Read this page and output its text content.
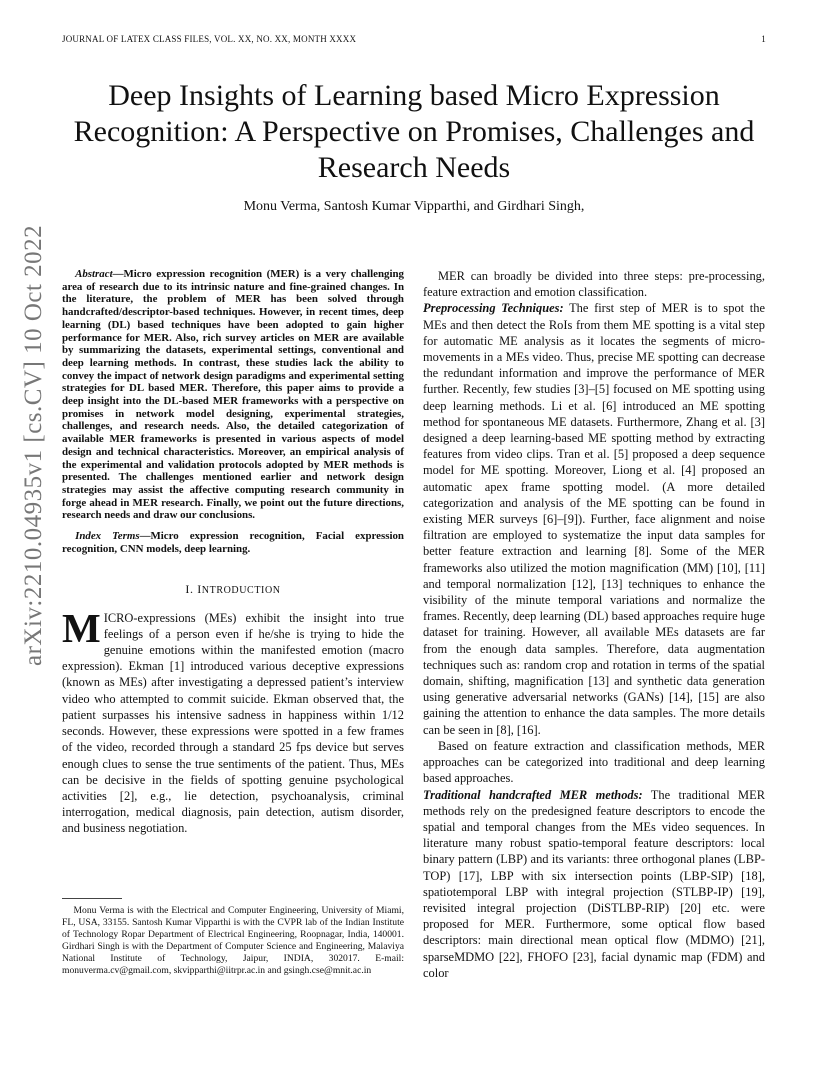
JOURNAL OF LATEX CLASS FILES, VOL. XX, NO. XX, MONTH XXXX	1
Deep Insights of Learning based Micro Expression Recognition: A Perspective on Promises, Challenges and Research Needs
Monu Verma, Santosh Kumar Vipparthi, and Girdhari Singh,
arXiv:2210.04935v1 [cs.CV] 10 Oct 2022	Abstract—Micro expression recognition (MER) is a very challenging area of research due to its intrinsic nature and fine-grained changes. In the literature, the problem of MER has been solved through handcrafted/descriptor-based techniques. However, in recent times, deep learning (DL) based techniques have been adopted to gain higher performance for MER. Also, rich survey articles on MER are available by summarizing the datasets, experimental settings, conventional and deep learning methods. In contrast, these studies lack the ability to convey the impact of network design paradigms and experimental setting strategies for DL based MER. Therefore, this paper aims to provide a deep insight into the DL-based MER frameworks with a perspective on promises in network model designing, experimental strategies, challenges, and research needs. Also, the detailed categorization of available MER frameworks is presented in various aspects of model design and technical characteristics. Moreover, an empirical analysis of the experimental and validation protocols adopted by MER methods is presented. The challenges mentioned earlier and network design strategies may assist the affective computing research community in forge ahead in MER research. Finally, we point out the future directions, research needs and draw our conclusions.

Index Terms—Micro expression recognition, Facial expression recognition, CNN models, deep learning.

I. INTRODUCTION

MICRO-expressions (MEs) exhibit the insight into true feelings of a person even if he/she is trying to hide the genuine emotions within the manifested emotion (macro expression). Ekman [1] introduced various deceptive expressions (known as MEs) after investigating a depressed patient’s interview video who attempted to commit suicide. Ekman observed that, the patient surpasses his intensive sadness in happiness within 1/12 seconds. However, these expressions were spotted in a few frames of the video, recorded through a standard 25 fps device but serves enough clues to sense the true sentiments of the patient. Thus, MEs can be decisive in the fields of spotting genuine psychological activities [2], e.g., lie detection, psychoanalysis, criminal interrogation, medical diagnosis, pain detection, autism disorder, and business negotiation.

Monu Verma is with the Electrical and Computer Engineering, University of Miami, FL, USA, 33155. Santosh Kumar Vipparthi is with the CVPR lab of the Indian Institute of Technology Ropar Department of Electrical Engineering, Roopnagar, India, 140001. Girdhari Singh is with the Department of Computer Science and Engineering, Malaviya National Institute of Technology, Jaipur, INDIA, 302017. E-mail: monuverma.cv@gmail.com, skvipparthi@iitrpr.ac.in and gsingh.cse@mnit.ac.in

MER can broadly be divided into three steps: pre-processing, feature extraction and emotion classification.

Preprocessing Techniques: The first step of MER is to spot the MEs and then detect the RoIs from them ME spotting is a vital step for automatic ME analysis as it locates the segments of micro-movements in a MEs video. Thus, precise ME spotting can decrease the redundant information and improve the performance of MER further. Recently, few studies [3]–[5] focused on ME spotting using deep learning methods. Li et al. [6] introduced an ME spotting method for spontaneous ME datasets. Furthermore, Zhang et al. [3] designed a deep learning-based ME spotting method by extracting features from video clips. Tran et al. [5] proposed a deep sequence model for ME spotting. Moreover, Liong et al. [4] proposed an automatic apex frame spotting model. (A more detailed categorization and analysis of the ME spotting can be found in existing MER surveys [6]–[9]). Further, face alignment and noise filtration are employed to systematize the input data samples for better feature extraction and learning [8]. Some of the MER frameworks also utilized the motion magnification (MM) [10], [11] and temporal normalization [12], [13] techniques to enhance the visibility of the minute temporal variations and normalize the frames. Recently, deep learning (DL) based approaches require huge dataset for training. However, all available MEs datasets are far from the enough data samples. Therefore, data augmentation techniques such as: random crop and rotation in terms of the spatial domain, shifting, magnification [13] and synthetic data generation using generative adversarial networks (GANs) [14], [15] are also gaining the attention to enhance the data samples. The more details can be seen in [8], [16].

Based on feature extraction and classification methods, MER approaches can be categorized into traditional and deep learning based approaches.

Traditional handcrafted MER methods: The traditional MER methods rely on the predesigned feature descriptors to encode the spatial and temporal changes from the MEs video sequences. In literature many robust spatio-temporal feature descriptors: local binary pattern (LBP) and its variants: three orthogonal planes (LBP-TOP) [17], LBP with six intersection points (LBP-SIP) [18], spatiotemporal LBP with integral projection (STLBP-IP) [19], revisited integral projection (DiSTLBP-RIP) [20] etc. were proposed for MER. Furthermore, some optical flow based descriptors: main directional mean optical flow (MDMO) [21], sparseMDMO [22], FHOFO [23], facial dynamic map (FDM) and color
